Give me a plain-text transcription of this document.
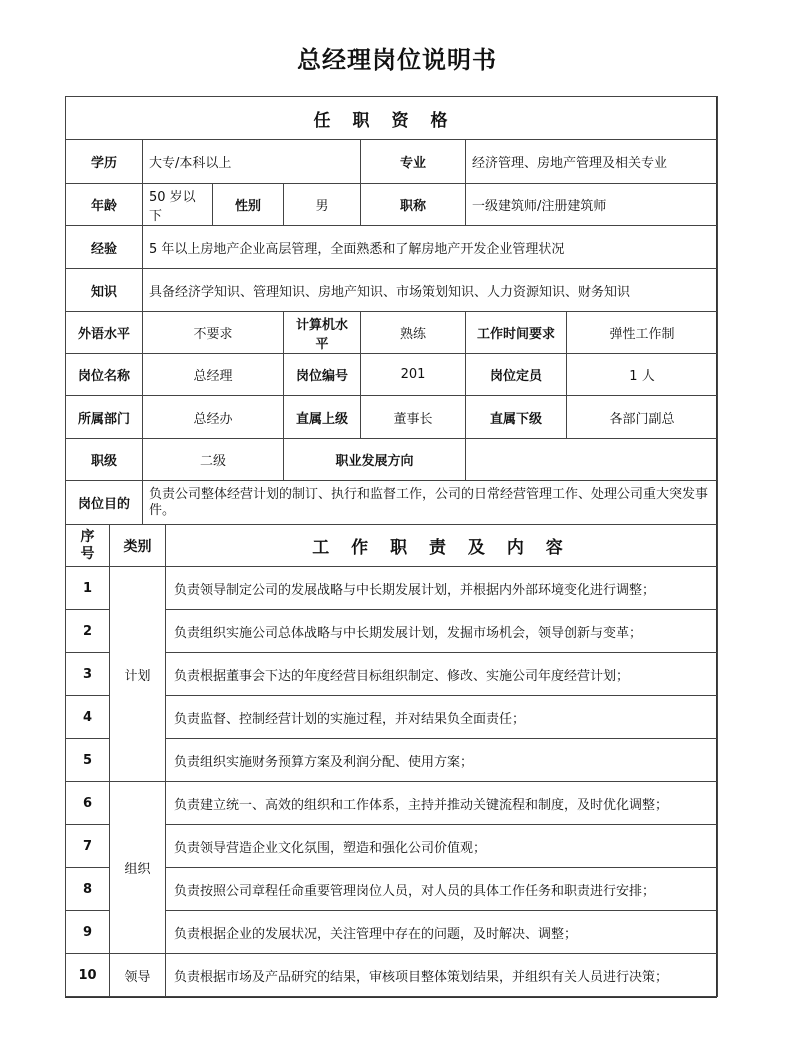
总经理岗位说明书
任职资格						
学历	大专/本科以上			专业	经济管理、房地产管理及相关专业	
年龄	50 岁以下	性别	男	职称	一级建筑师/注册建筑师	
经验	5 年以上房地产企业高层管理，全面熟悉和了解房地产开发企业管理状况					
知识	具备经济学知识、管理知识、房地产知识、市场策划知识、人力资源知识、财务知识					
外语水平	不要求		计算机水平	熟练	工作时间要求	弹性工作制
岗位名称	总经理		岗位编号	201	岗位定员	1 人
所属部门	总经办		直属上级	董事长	直属下级	各部门副总
职级	二级		职业发展方向			
岗位目的	负责公司整体经营计划的制订、执行和监督工作，公司的日常经营管理工作、处理公司重大突发事件。					
序号	类别	工 作 职 责 及 内 容
1	计划	负责领导制定公司的发展战略与中长期发展计划，并根据内外部环境变化进行调整；
2		负责组织实施公司总体战略与中长期发展计划，发掘市场机会，领导创新与变革；
3		负责根据董事会下达的年度经营目标组织制定、修改、实施公司年度经营计划；
4		负责监督、控制经营计划的实施过程，并对结果负全面责任；
5		负责组织实施财务预算方案及利润分配、使用方案；
6	组织	负责建立统一、高效的组织和工作体系，主持并推动关键流程和制度，及时优化调整；
7		负责领导营造企业文化氛围，塑造和强化公司价值观；
8		负责按照公司章程任命重要管理岗位人员，对人员的具体工作任务和职责进行安排；
9		负责根据企业的发展状况，关注管理中存在的问题，及时解决、调整；
10	领导	负责根据市场及产品研究的结果，审核项目整体策划结果，并组织有关人员进行决策；
